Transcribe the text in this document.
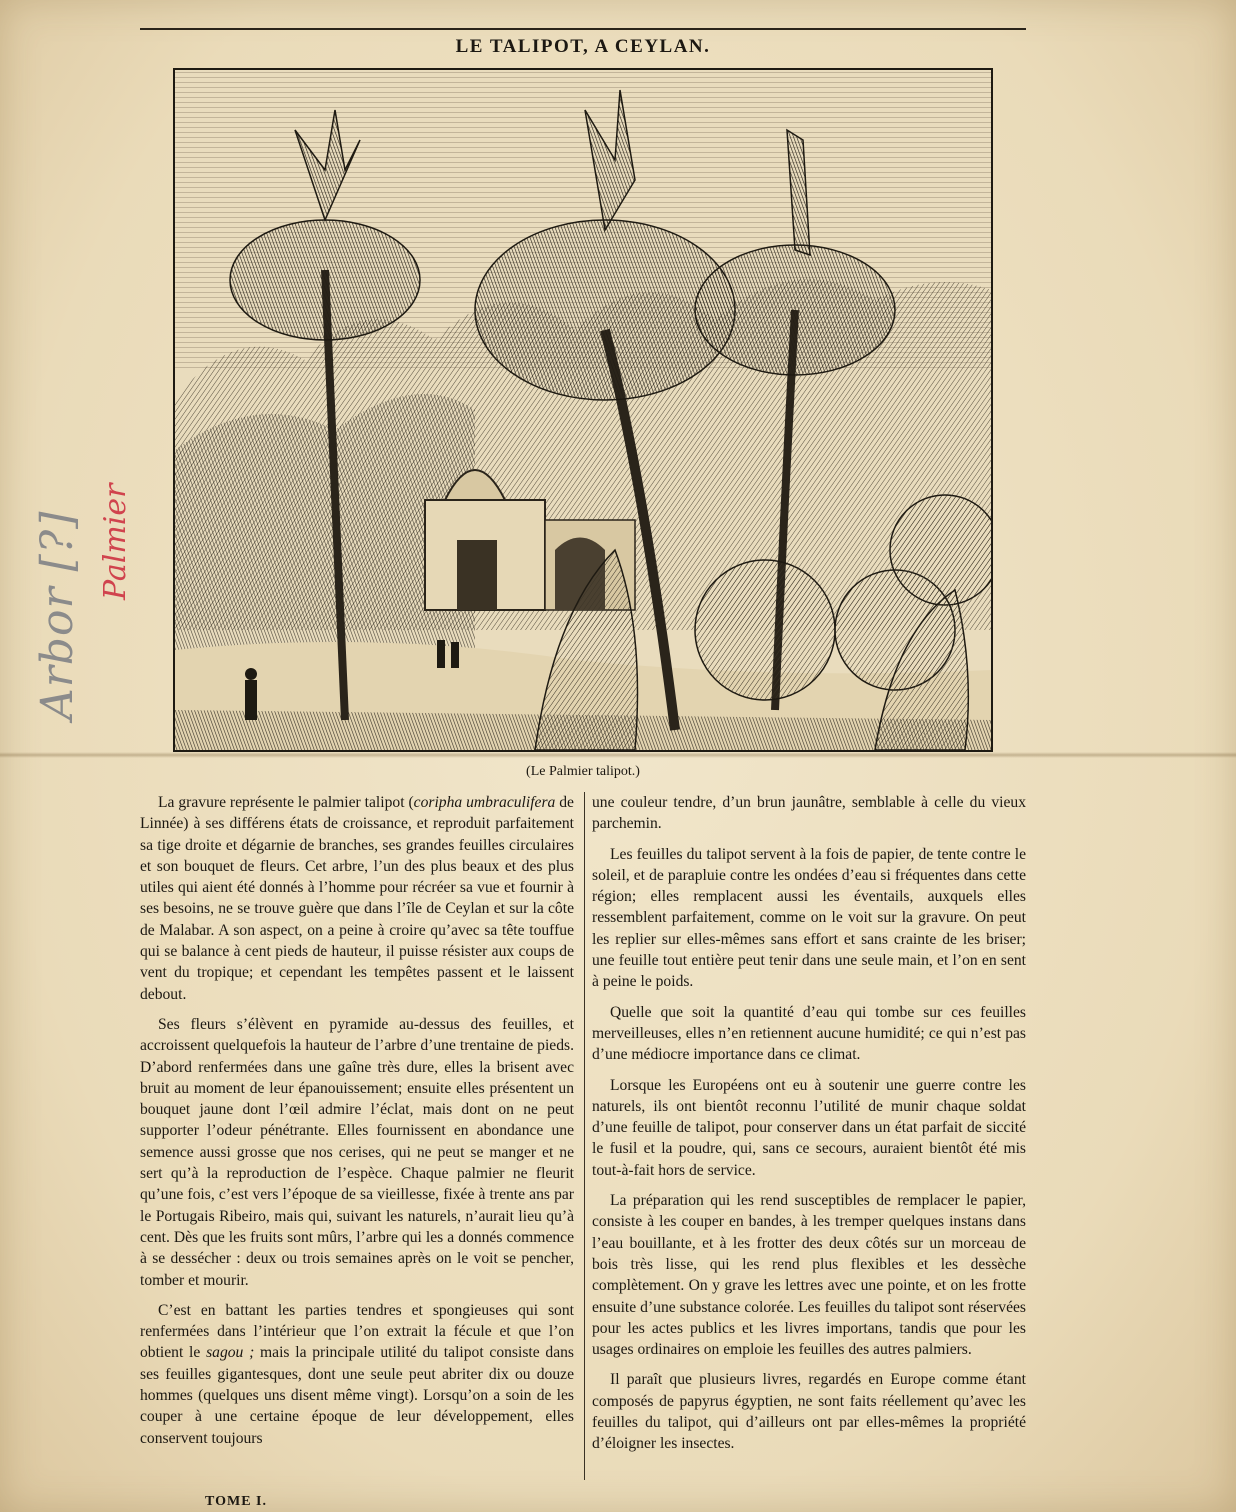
LE TALIPOT, A CEYLAN.
(Le Palmier talipot.)

La gravure représente le palmier talipot (coripha umbraculifera de Linnée) à ses différens états de croissance, et reproduit parfaitement sa tige droite et dégarnie de branches, ses grandes feuilles circulaires et son bouquet de fleurs. Cet arbre, l’un des plus beaux et des plus utiles qui aient été donnés à l’homme pour récréer sa vue et fournir à ses besoins, ne se trouve guère que dans l’île de Ceylan et sur la côte de Malabar. A son aspect, on a peine à croire qu’avec sa tête touffue qui se balance à cent pieds de hauteur, il puisse résister aux coups de vent du tropique; et cependant les tempêtes passent et le laissent debout.

Ses fleurs s’élèvent en pyramide au-dessus des feuilles, et accroissent quelquefois la hauteur de l’arbre d’une trentaine de pieds. D’abord renfermées dans une gaîne très dure, elles la brisent avec bruit au moment de leur épanouissement; ensuite elles présentent un bouquet jaune dont l’œil admire l’éclat, mais dont on ne peut supporter l’odeur pénétrante. Elles fournissent en abondance une semence aussi grosse que nos cerises, qui ne peut se manger et ne sert qu’à la reproduction de l’espèce. Chaque palmier ne fleurit qu’une fois, c’est vers l’époque de sa vieillesse, fixée à trente ans par le Portugais Ribeiro, mais qui, suivant les naturels, n’aurait lieu qu’à cent. Dès que les fruits sont mûrs, l’arbre qui les a donnés commence à se dessécher : deux ou trois semaines après on le voit se pencher, tomber et mourir.

C’est en battant les parties tendres et spongieuses qui sont renfermées dans l’intérieur que l’on extrait la fécule et que l’on obtient le sagou ; mais la principale utilité du talipot consiste dans ses feuilles gigantesques, dont une seule peut abriter dix ou douze hommes (quelques uns disent même vingt). Lorsqu’on a soin de les couper à une certaine époque de leur développement, elles conservent toujours

une couleur tendre, d’un brun jaunâtre, semblable à celle du vieux parchemin.

Les feuilles du talipot servent à la fois de papier, de tente contre le soleil, et de parapluie contre les ondées d’eau si fréquentes dans cette région; elles remplacent aussi les éventails, auxquels elles ressemblent parfaitement, comme on le voit sur la gravure. On peut les replier sur elles-mêmes sans effort et sans crainte de les briser; une feuille tout entière peut tenir dans une seule main, et l’on en sent à peine le poids.

Quelle que soit la quantité d’eau qui tombe sur ces feuilles merveilleuses, elles n’en retiennent aucune humidité; ce qui n’est pas d’une médiocre importance dans ce climat.

Lorsque les Européens ont eu à soutenir une guerre contre les naturels, ils ont bientôt reconnu l’utilité de munir chaque soldat d’une feuille de talipot, pour conserver dans un état parfait de siccité le fusil et la poudre, qui, sans ce secours, auraient bientôt été mis tout-à-fait hors de service.

La préparation qui les rend susceptibles de remplacer le papier, consiste à les couper en bandes, à les tremper quelques instans dans l’eau bouillante, et à les frotter des deux côtés sur un morceau de bois très lisse, qui les rend plus flexibles et les dessèche complètement. On y grave les lettres avec une pointe, et on les frotte ensuite d’une substance colorée. Les feuilles du talipot sont réservées pour les actes publics et les livres importans, tandis que pour les usages ordinaires on emploie les feuilles des autres palmiers.

Il paraît que plusieurs livres, regardés en Europe comme étant composés de papyrus égyptien, ne sont faits réellement qu’avec les feuilles du talipot, qui d’ailleurs ont par elles-mêmes la propriété d’éloigner les insectes.

TOME I.
Arbor [?] Palmier
